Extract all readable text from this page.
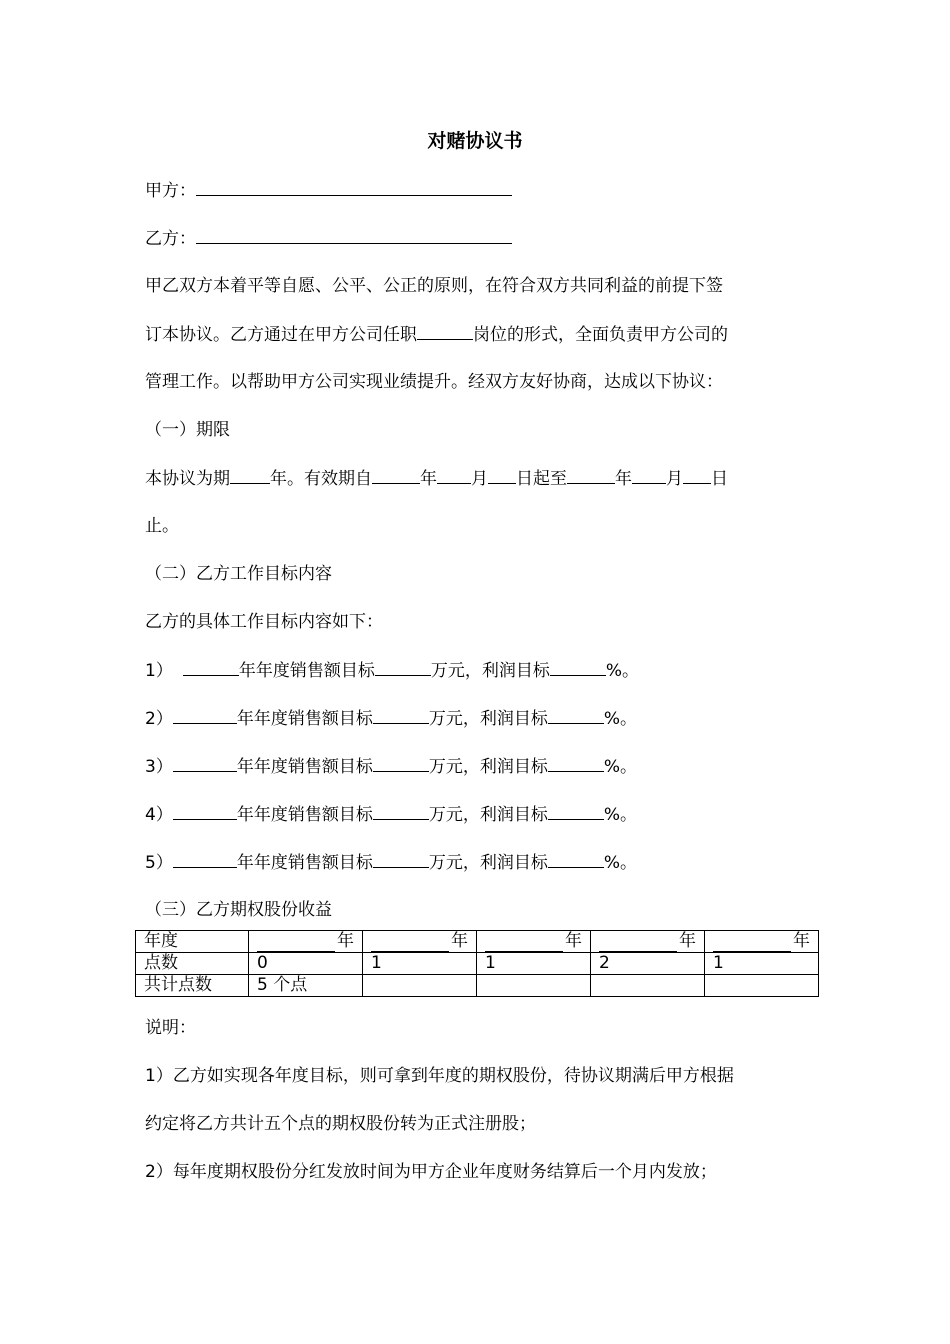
对赌协议书
甲方：
乙方：
甲乙双方本着平等自愿、公平、公正的原则，在符合双方共同利益的前提下签
订本协议。乙方通过在甲方公司任职	岗位的形式，全面负责甲方公司的
管理工作。以帮助甲方公司实现业绩提升。经双方友好协商，达成以下协议：
（一）期限
本协议为期 年。有效期自	年 月 日起至	年 月 日
止。
（二）乙方工作目标内容
乙方的具体工作目标内容如下：
1）	年年度销售额目标	万元，利润目标	%。
2）	年年度销售额目标	万元，利润目标	%。
3）	年年度销售额目标	万元，利润目标	%。
4）	年年度销售额目标	万元，利润目标	%。
5）	年年度销售额目标	万元，利润目标	%。
（三）乙方期权股份收益
年度	年	年	年	年	年

点数	0	1	1	2	1
共计点数	5 个点				
说明：
1）乙方如实现各年度目标，则可拿到年度的期权股份，待协议期满后甲方根据
约定将乙方共计五个点的期权股份转为正式注册股；
2）每年度期权股份分红发放时间为甲方企业年度财务结算后一个月内发放；
